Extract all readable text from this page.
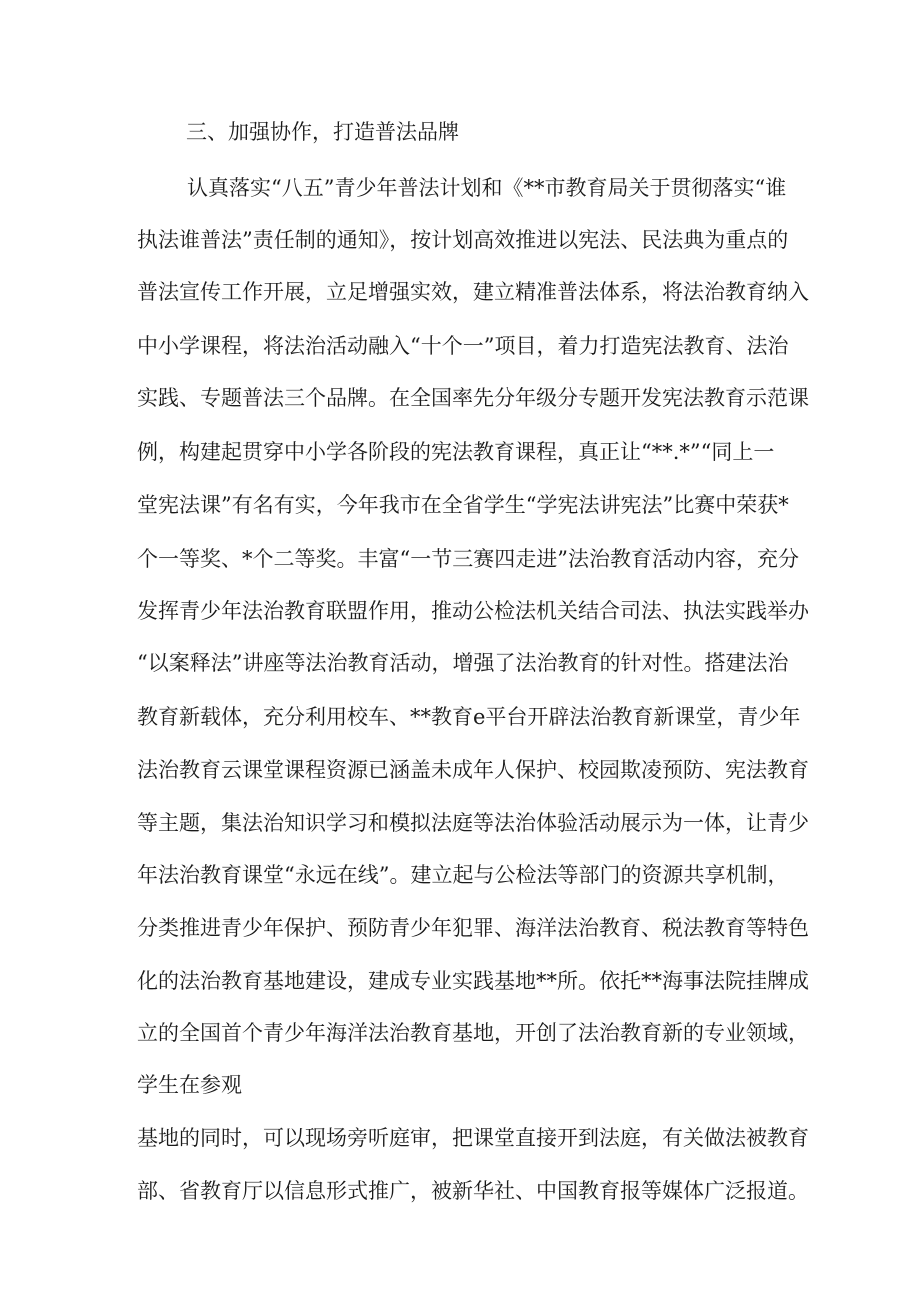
三、加强协作，打造普法品牌
认真落实“八五”青少年普法计划和《**市教育局关于贯彻落实“谁
执法谁普法”责任制的通知》，按计划高效推进以宪法、民法典为重点的
普法宣传工作开展，立足增强实效，建立精准普法体系，将法治教育纳入
中小学课程，将法治活动融入“十个一”项目，着力打造宪法教育、法治
实践、专题普法三个品牌。在全国率先分年级分专题开发宪法教育示范课
例，构建起贯穿中小学各阶段的宪法教育课程，真正让“**.*”“同上一
堂宪法课”有名有实，今年我市在全省学生“学宪法讲宪法”比赛中荣获*
个一等奖、*个二等奖。丰富“一节三赛四走进”法治教育活动内容，充分
发挥青少年法治教育联盟作用，推动公检法机关结合司法、执法实践举办
“以案释法”讲座等法治教育活动，增强了法治教育的针对性。搭建法治
教育新载体，充分利用校车、**教育e平台开辟法治教育新课堂，青少年
法治教育云课堂课程资源已涵盖未成年人保护、校园欺凌预防、宪法教育
等主题，集法治知识学习和模拟法庭等法治体验活动展示为一体，让青少
年法治教育课堂“永远在线”。建立起与公检法等部门的资源共享机制，
分类推进青少年保护、预防青少年犯罪、海洋法治教育、税法教育等特色
化的法治教育基地建设，建成专业实践基地**所。依托**海事法院挂牌成
立的全国首个青少年海洋法治教育基地，开创了法治教育新的专业领域，
学生在参观
基地的同时，可以现场旁听庭审，把课堂直接开到法庭，有关做法被教育
部、省教育厅以信息形式推广，被新华社、中国教育报等媒体广泛报道。
